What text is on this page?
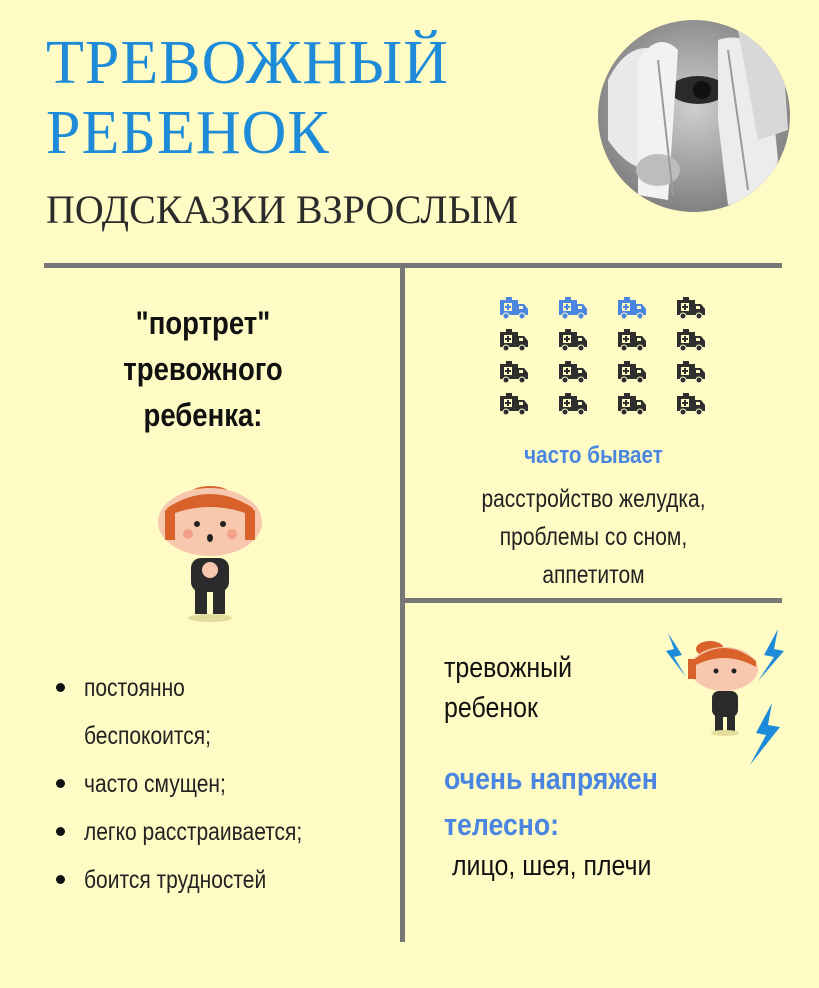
ТРЕВОЖНЫЙ
РЕБЕНОК
ПОДСКАЗКИ ВЗРОСЛЫМ
"портрет"
тревожного
ребенка:
постоянно
беспокоится;
часто смущен;
легко расстраивается;
боится трудностей
часто бывает
расстройство желудка,
проблемы со сном,
аппетитом
тревожный
ребенок
очень напряжен
телесно:
лицо, шея, плечи
